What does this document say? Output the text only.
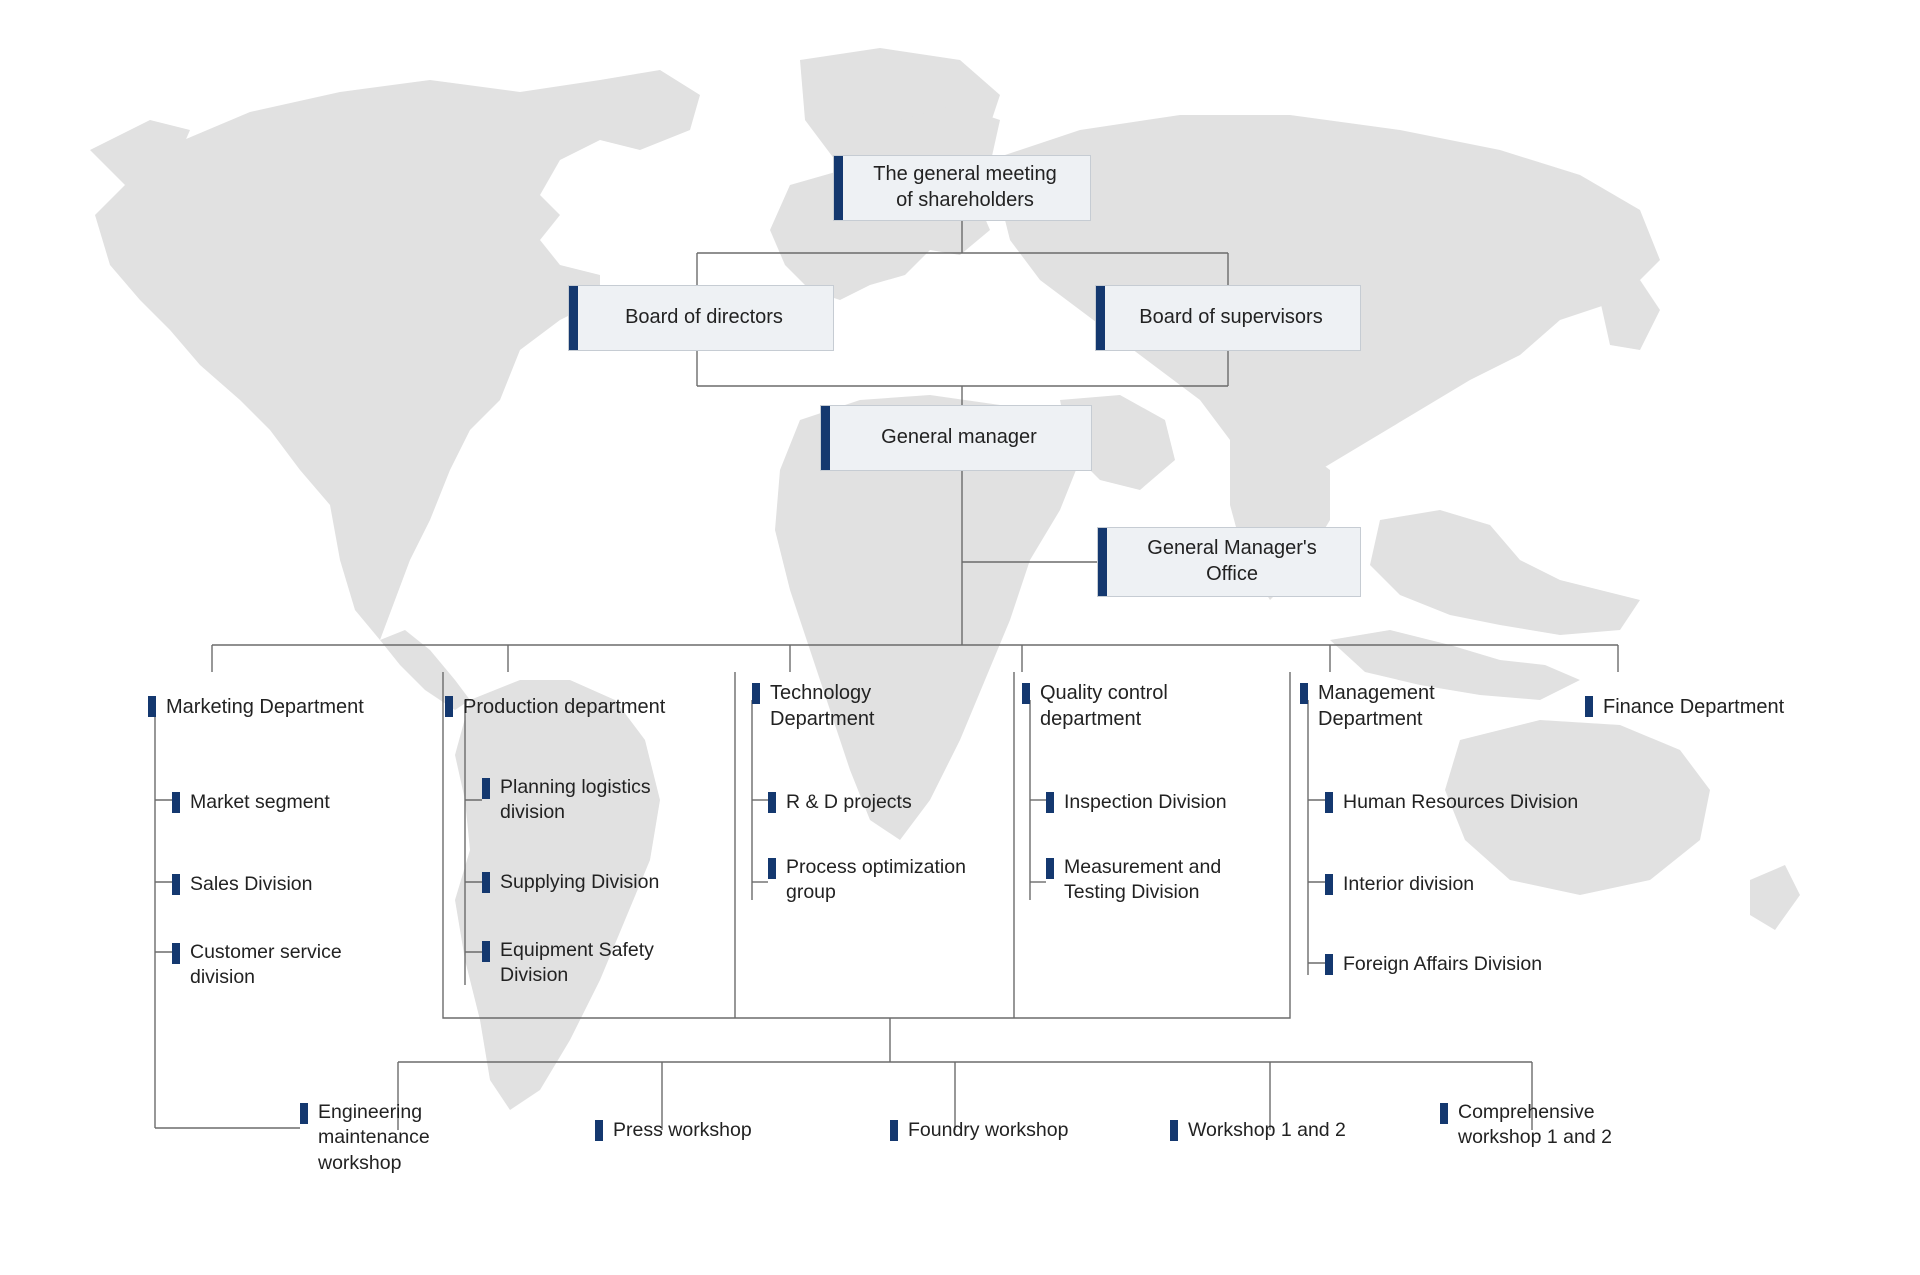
The general meeting
of shareholders
Board of directors	Board of supervisors
General manager
General Manager's
Office
Marketing Department	Production department
Technology Department
Quality control department
Management Department
Finance Department
Market segment
Sales Division
Customer service division
Planning logistics division
Supplying Division
Equipment Safety Division
R & D projects
Process optimization group
Inspection Division
Measurement and Testing Division
Human Resources Division
Interior division
Foreign Affairs Division
Engineering maintenance workshop
Press workshop	Foundry workshop	Workshop 1 and 2
Comprehensive workshop 1 and 2
